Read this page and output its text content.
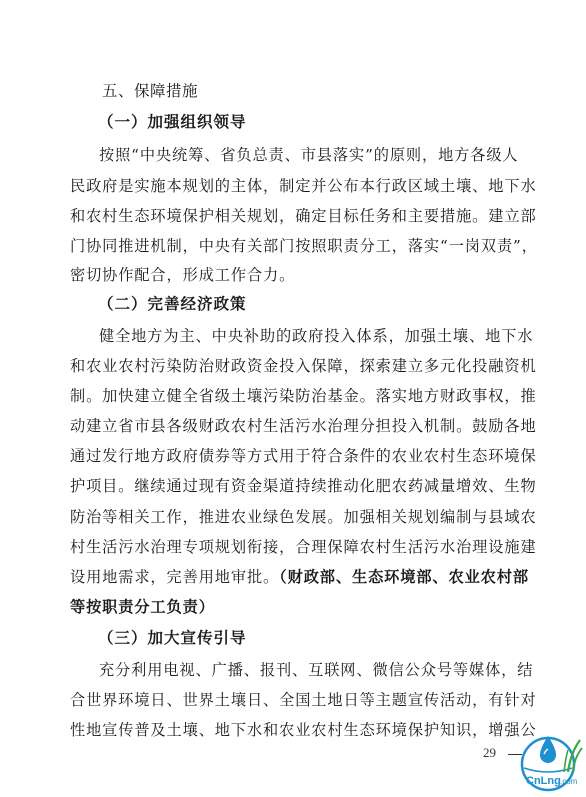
五、保障措施
（一）加强组织领导
按照“中央统筹、省负总责、市县落实”的原则，地方各级人
民政府是实施本规划的主体，制定并公布本行政区域土壤、地下水
和农村生态环境保护相关规划，确定目标任务和主要措施。建立部
门协同推进机制，中央有关部门按照职责分工，落实“一岗双责”，
密切协作配合，形成工作合力。
（二）完善经济政策
健全地方为主、中央补助的政府投入体系，加强土壤、地下水
和农业农村污染防治财政资金投入保障，探索建立多元化投融资机
制。加快建立健全省级土壤污染防治基金。落实地方财政事权，推
动建立省市县各级财政农村生活污水治理分担投入机制。鼓励各地
通过发行地方政府债券等方式用于符合条件的农业农村生态环境保
护项目。继续通过现有资金渠道持续推动化肥农药减量增效、生物
防治等相关工作，推进农业绿色发展。加强相关规划编制与县域农
村生活污水治理专项规划衔接，合理保障农村生活污水治理设施建
设用地需求，完善用地审批。（财政部、生态环境部、农业农村部
等按职责分工负责）
（三）加大宣传引导
充分利用电视、广播、报刊、互联网、微信公众号等媒体，结
合世界环境日、世界土壤日、全国土地日等主题宣传活动，有针对
性地宣传普及土壤、地下水和农业农村生态环境保护知识，增强公
29
CnLng .com
